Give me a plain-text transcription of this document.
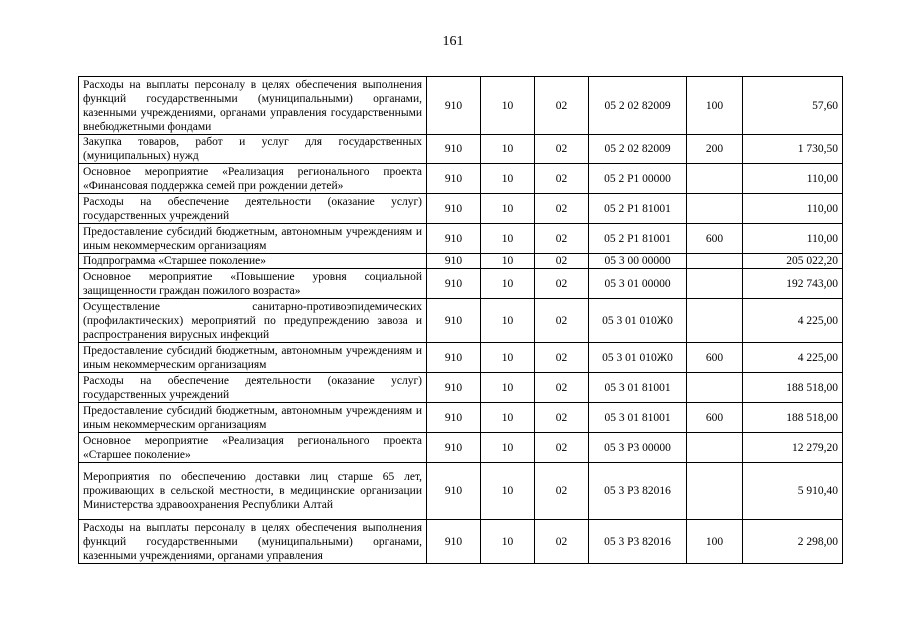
161
Расходы на выплаты персоналу в целях обеспечения выполнения функций государственными (муниципальными) органами, казенными учреждениями, органами управления государственными внебюджетными фондами	910	10	02	05 2 02 82009	100	57,60
Закупка товаров, работ и услуг для государственных (муниципальных) нужд	910	10	02	05 2 02 82009	200	1 730,50
Основное мероприятие «Реализация регионального проекта «Финансовая поддержка семей при рождении детей»	910	10	02	05 2 P1 00000		110,00
Расходы на обеспечение деятельности (оказание услуг) государственных учреждений	910	10	02	05 2 P1 81001		110,00
Предоставление субсидий бюджетным, автономным учреждениям и иным некоммерческим организациям	910	10	02	05 2 P1 81001	600	110,00
Подпрограмма «Старшее поколение»	910	10	02	05 3 00 00000		205 022,20
Основное мероприятие «Повышение уровня социальной защищенности граждан пожилого возраста»	910	10	02	05 3 01 00000		192 743,00
Осуществление санитарно-противоэпидемических (профилактических) мероприятий по предупреждению завоза и распространения вирусных инфекций	910	10	02	05 3 01 010Ж0		4 225,00
Предоставление субсидий бюджетным, автономным учреждениям и иным некоммерческим организациям	910	10	02	05 3 01 010Ж0	600	4 225,00
Расходы на обеспечение деятельности (оказание услуг) государственных учреждений	910	10	02	05 3 01 81001		188 518,00
Предоставление субсидий бюджетным, автономным учреждениям и иным некоммерческим организациям	910	10	02	05 3 01 81001	600	188 518,00
Основное мероприятие «Реализация регионального проекта «Старшее поколение»	910	10	02	05 3 P3 00000		12 279,20
Мероприятия по обеспечению доставки лиц старше 65 лет, проживающих в сельской местности, в медицинские организации Министерства здравоохранения Республики Алтай	910	10	02	05 3 P3 82016		5 910,40
Расходы на выплаты персоналу в целях обеспечения выполнения функций государственными (муниципальными) органами, казенными учреждениями, органами управления	910	10	02	05 3 P3 82016	100	2 298,00
